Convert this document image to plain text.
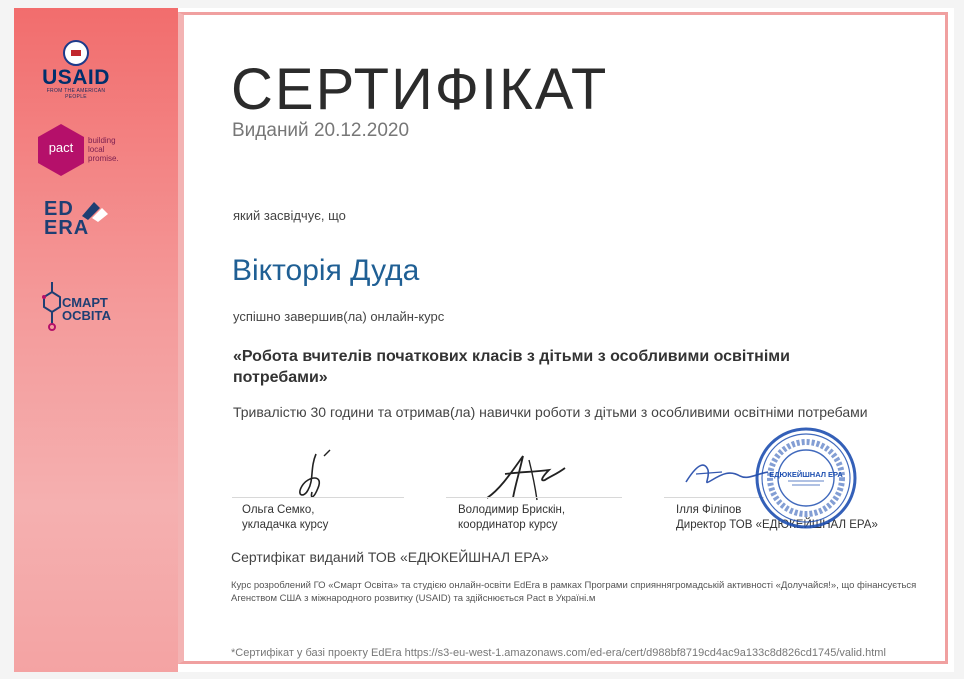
USAID
FROM THE AMERICAN PEOPLE
pact	building
local
promise.
ED
ERA
СМАРТ
ОСВІТА
СЕРТИФІКАТ
Виданий 20.12.2020
який засвідчує, що
Вікторія Дуда
успішно завершив(ла) онлайн-курс
«Робота вчителів початкових класів з дітьми з особливими освітніми потребами»
Тривалістю 30 години та отримав(ла) навички роботи з дітьми з особливими освітніми потребами
Ольга Семко,
укладачка курсу
Володимир Брискін,
координатор курсу
Ілля Філіпов
Директор ТОВ «ЕДЮКЕЙШНАЛ ЕРА»
ЕДЮКЕЙШНАЛ ЕРА
Сертифікат виданий ТОВ «ЕДЮКЕЙШНАЛ ЕРА»
Курс розроблений ГО «Смарт Освіта» та студією онлайн-освіти EdEra в рамках Програми сприяннягромадській активності «Долучайся!», що фінансується Агенством США з міжнародного розвитку (USAID) та здійснюється Pact в Україні.м
*Сертифікат у базі проекту EdEra https://s3-eu-west-1.amazonaws.com/ed-era/cert/d988bf8719cd4ac9a133c8d826cd1745/valid.html
